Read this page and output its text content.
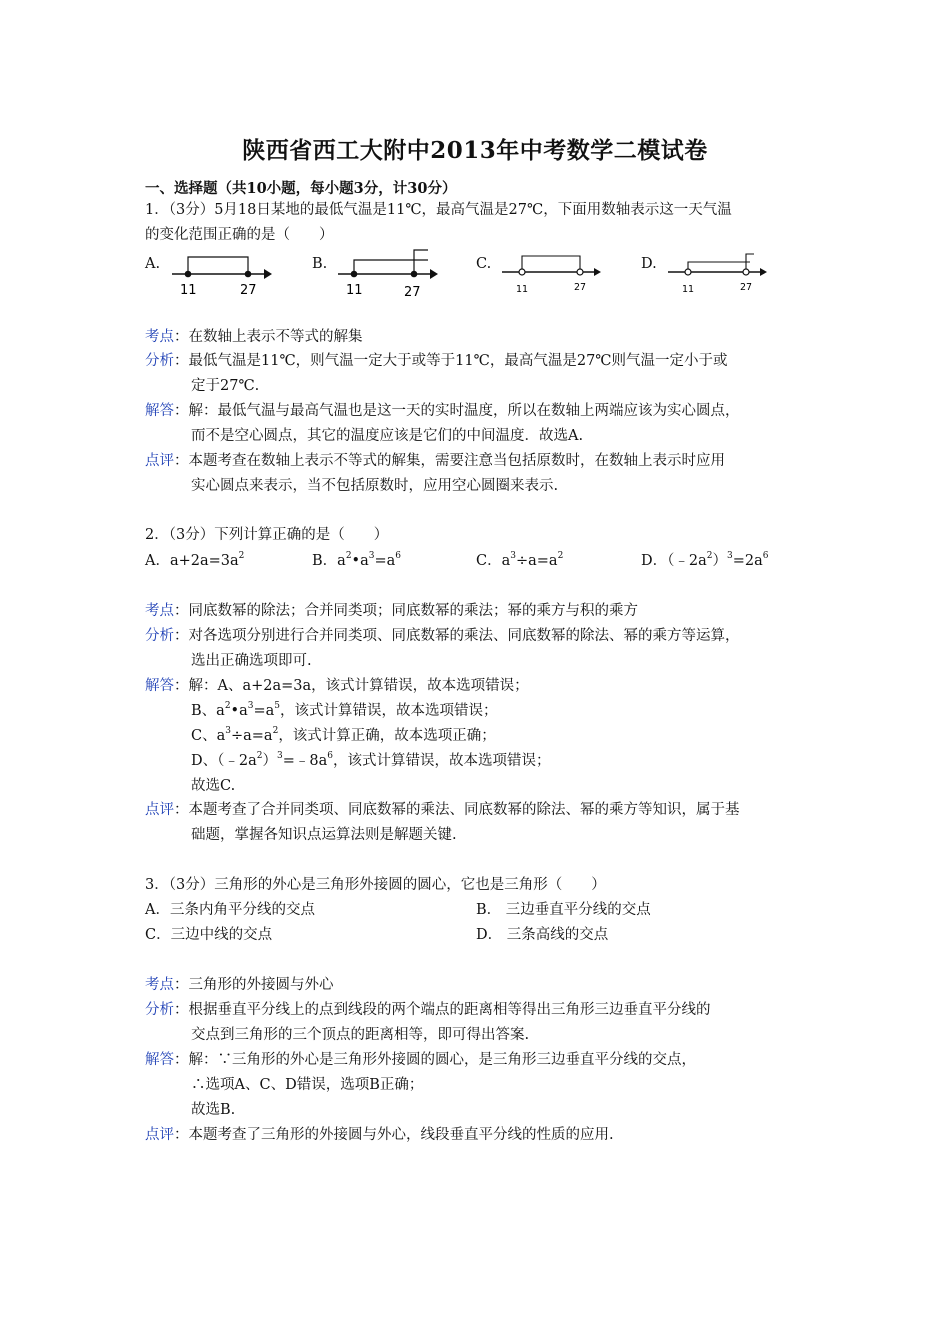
陕西省西工大附中2013年中考数学二模试卷
一、选择题（共10小题，每小题3分，计30分）
1．（3分）5月18日某地的最低气温是11℃，最高气温是27℃，下面用数轴表示这一天气温
的变化范围正确的是（　　）
A.
11	27
B.
11	27
C.
11	27
D.
11	27
考点：在数轴上表示不等式的解集
分析：最低气温是11℃，则气温一定大于或等于11℃，最高气温是27℃则气温一定小于或
定于27℃.
解答：解：最低气温与最高气温也是这一天的实时温度，所以在数轴上两端应该为实心圆点，
而不是空心圆点，其它的温度应该是它们的中间温度．故选A.
点评：本题考查在数轴上表示不等式的解集，需要注意当包括原数时，在数轴上表示时应用
实心圆点来表示，当不包括原数时，应用空心圆圈来表示.
2．（3分）下列计算正确的是（　　）
A．$a+2a=3a^2$	B．$a^2•a^3=a^6$	C．$a^3\div a=a^2$	D．$(﹣2a^2)^3=2a^6$
考点：同底数幂的除法；合并同类项；同底数幂的乘法；幂的乘方与积的乘方
分析：对各选项分别进行合并同类项、同底数幂的乘法、同底数幂的除法、幂的乘方等运算，
选出正确选项即可.
解答：解：A、a+2a=3a，该式计算错误，故本选项错误；
B、$a^2•a^3=a^5$，该式计算错误，故本选项错误；
C、$a^3\div a=a^2$，该式计算正确，故本选项正确；
D、$(﹣2a^2)^3=﹣8a^6$，该式计算错误，故本选项错误；
故选C.
点评：本题考查了合并同类项、同底数幂的乘法、同底数幂的除法、幂的乘方等知识，属于基
础题，掌握各知识点运算法则是解题关键.
3．（3分）三角形的外心是三角形外接圆的圆心，它也是三角形（　　）
A．三条内角平分线的交点	B． 三边垂直平分线的交点
C．三边中线的交点	D． 三条高线的交点
考点：三角形的外接圆与外心
分析：根据垂直平分线上的点到线段的两个端点的距离相等得出三角形三边垂直平分线的
交点到三角形的三个顶点的距离相等，即可得出答案.
解答：解：∵三角形的外心是三角形外接圆的圆心，是三角形三边垂直平分线的交点，
∴选项A、C、D错误，选项B正确；
故选B.
点评：本题考查了三角形的外接圆与外心，线段垂直平分线的性质的应用.
